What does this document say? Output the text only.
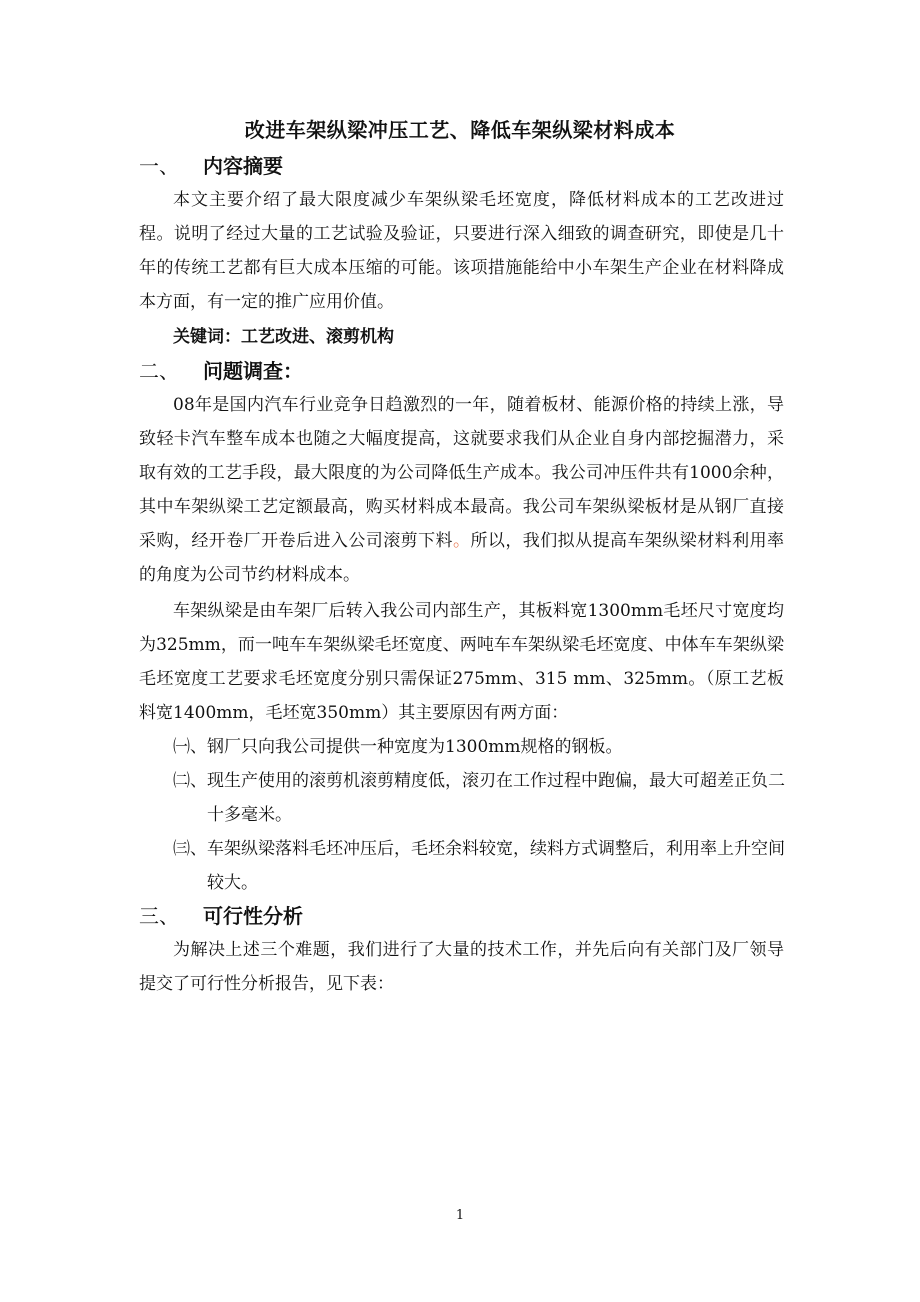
改进车架纵梁冲压工艺、降低车架纵梁材料成本
一、 内容摘要

本文主要介绍了最大限度减少车架纵梁毛坯宽度，降低材料成本的工艺改进过程。说明了经过大量的工艺试验及验证，只要进行深入细致的调查研究，即使是几十年的传统工艺都有巨大成本压缩的可能。该项措施能给中小车架生产企业在材料降成本方面，有一定的推广应用价值。

关键词：工艺改进、滚剪机构
二、 问题调查：

08年是国内汽车行业竞争日趋激烈的一年，随着板材、能源价格的持续上涨，导致轻卡汽车整车成本也随之大幅度提高，这就要求我们从企业自身内部挖掘潜力，采取有效的工艺手段，最大限度的为公司降低生产成本。我公司冲压件共有1000余种，其中车架纵梁工艺定额最高，购买材料成本最高。我公司车架纵梁板材是从钢厂直接采购，经开卷厂开卷后进入公司滚剪下料。所以，我们拟从提高车架纵梁材料利用率的角度为公司节约材料成本。

车架纵梁是由车架厂后转入我公司内部生产，其板料宽1300mm毛坯尺寸宽度均为325mm，而一吨车车架纵梁毛坯宽度、两吨车车架纵梁毛坯宽度、中体车车架纵梁毛坯宽度工艺要求毛坯宽度分别只需保证275mm、315 mm、325mm。（原工艺板料宽1400mm，毛坯宽350mm）其主要原因有两方面：

㈠、钢厂只向我公司提供一种宽度为1300mm规格的钢板。

㈡、现生产使用的滚剪机滚剪精度低，滚刃在工作过程中跑偏，最大可超差正负二十多毫米。

㈢、车架纵梁落料毛坯冲压后，毛坯余料较宽，续料方式调整后，利用率上升空间较大。

三、 可行性分析

为解决上述三个难题，我们进行了大量的技术工作，并先后向有关部门及厂领导提交了可行性分析报告，见下表：

1
